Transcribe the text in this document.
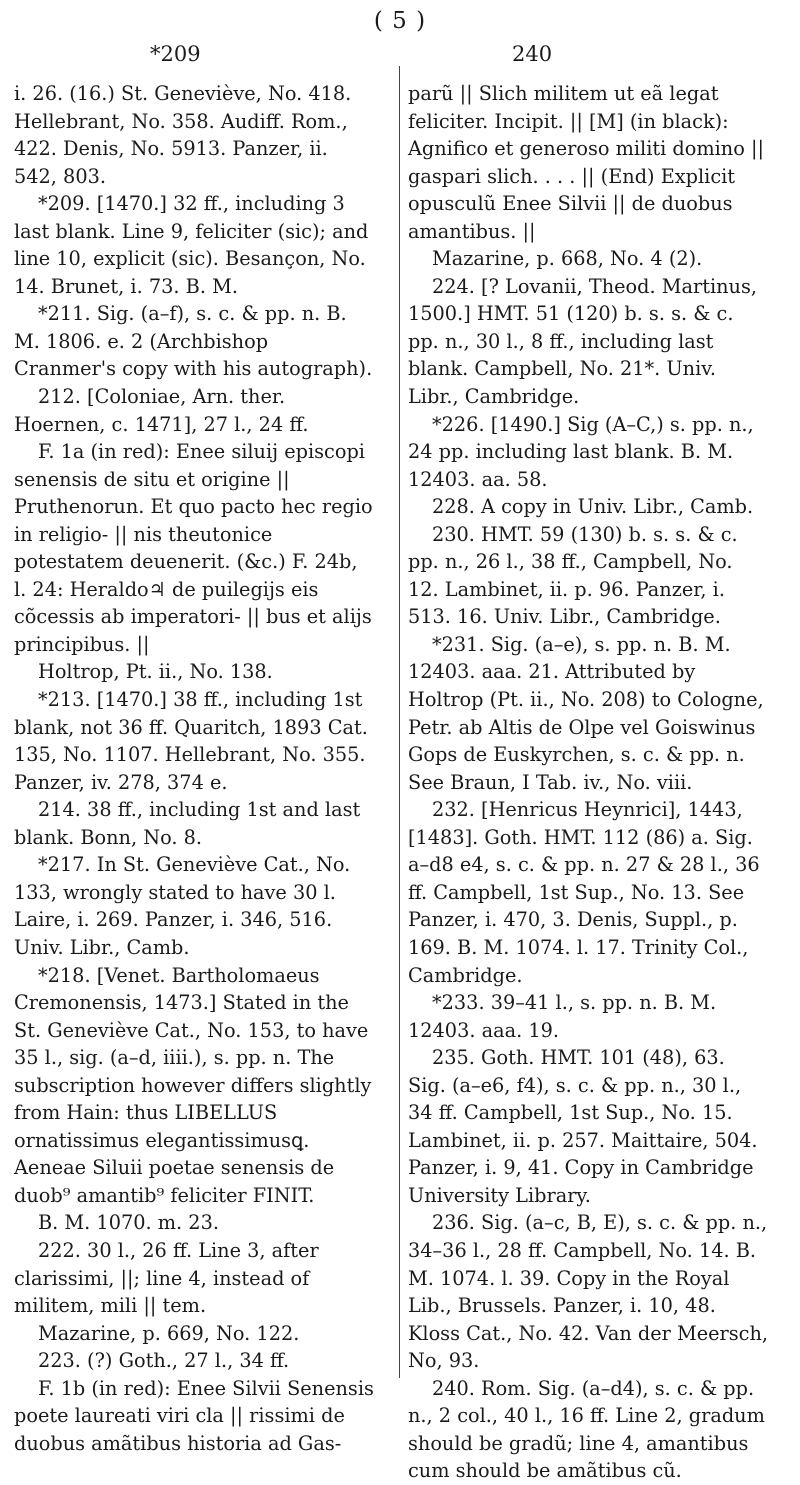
( 5 )
*209	240

i. 26. (16.) St. Geneviève, No. 418. Hellebrant, No. 358. Audiff. Rom., 422. Denis, No. 5913. Panzer, ii. 542, 803.

*209. [1470.] 32 ff., including 3 last blank. Line 9, feliciter (sic); and line 10, explicit (sic). Besançon, No. 14. Brunet, i. 73. B. M.

*211. Sig. (a–f), s. c. & pp. n. B. M. 1806. e. 2 (Archbishop Cranmer's copy with his autograph).

212. [Coloniae, Arn. ther. Hoernen, c. 1471], 27 l., 24 ff.

F. 1a (in red): Enee siluij episcopi senensis de situ et origine || Pruthenorun. Et quo pacto hec regio in religio- || nis theutonice potestatem deuenerit. (&c.) F. 24b, l. 24: Heraldo♃ de puilegijs eis cõcessis ab imperatori- || bus et alijs principibus. ||

Holtrop, Pt. ii., No. 138.

*213. [1470.] 38 ff., including 1st blank, not 36 ff. Quaritch, 1893 Cat. 135, No. 1107. Hellebrant, No. 355. Panzer, iv. 278, 374 e.

214. 38 ff., including 1st and last blank. Bonn, No. 8.

*217. In St. Geneviève Cat., No. 133, wrongly stated to have 30 l. Laire, i. 269. Panzer, i. 346, 516. Univ. Libr., Camb.

*218. [Venet. Bartholomaeus Cremonensis, 1473.] Stated in the St. Geneviève Cat., No. 153, to have 35 l., sig. (a–d, iiii.), s. pp. n. The subscription however differs slightly from Hain: thus LIBELLUS ornatissimus elegantissimusꝗ. Aeneae Siluii poetae senensis de duob⁹ amantib⁹ feliciter FINIT.

B. M. 1070. m. 23.

222. 30 l., 26 ff. Line 3, after clarissimi, ||; line 4, instead of militem, mili || tem.

Mazarine, p. 669, No. 122.

223. (?) Goth., 27 l., 34 ff.

F. 1b (in red): Enee Silvii Senensis poete laureati viri cla || rissimi de duobus amãtibus historia ad Gas-

parũ || Slich militem ut eã legat feliciter. Incipit. || [M] (in black): Agnifico et generoso militi domino || gaspari slich. . . . || (End) Explicit opusculũ Enee Silvii || de duobus amantibus. ||

Mazarine, p. 668, No. 4 (2).

224. [? Lovanii, Theod. Martinus, 1500.] HMT. 51 (120) b. s. s. & c. pp. n., 30 l., 8 ff., including last blank. Campbell, No. 21*. Univ. Libr., Cambridge.

*226. [1490.] Sig (A–C,) s. pp. n., 24 pp. including last blank. B. M. 12403. aa. 58.

228. A copy in Univ. Libr., Camb.

230. HMT. 59 (130) b. s. s. & c. pp. n., 26 l., 38 ff., Campbell, No. 12. Lambinet, ii. p. 96. Panzer, i. 513. 16. Univ. Libr., Cambridge.

*231. Sig. (a–e), s. pp. n. B. M. 12403. aaa. 21. Attributed by Holtrop (Pt. ii., No. 208) to Cologne, Petr. ab Altis de Olpe vel Goiswinus Gops de Euskyrchen, s. c. & pp. n. See Braun, I Tab. iv., No. viii.

232. [Henricus Heynrici], 1443, [1483]. Goth. HMT. 112 (86) a. Sig. a–d8 e4, s. c. & pp. n. 27 & 28 l., 36 ff. Campbell, 1st Sup., No. 13. See Panzer, i. 470, 3. Denis, Suppl., p. 169. B. M. 1074. l. 17. Trinity Col., Cambridge.

*233. 39–41 l., s. pp. n. B. M. 12403. aaa. 19.

235. Goth. HMT. 101 (48), 63. Sig. (a–e6, f4), s. c. & pp. n., 30 l., 34 ff. Campbell, 1st Sup., No. 15. Lambinet, ii. p. 257. Maittaire, 504. Panzer, i. 9, 41. Copy in Cambridge University Library.

236. Sig. (a–c, B, E), s. c. & pp. n., 34–36 l., 28 ff. Campbell, No. 14. B. M. 1074. l. 39. Copy in the Royal Lib., Brussels. Panzer, i. 10, 48. Kloss Cat., No. 42. Van der Meersch, No, 93.

240. Rom. Sig. (a–d4), s. c. & pp. n., 2 col., 40 l., 16 ff. Line 2, gradum should be gradũ; line 4, amantibus cum should be amãtibus cũ.
